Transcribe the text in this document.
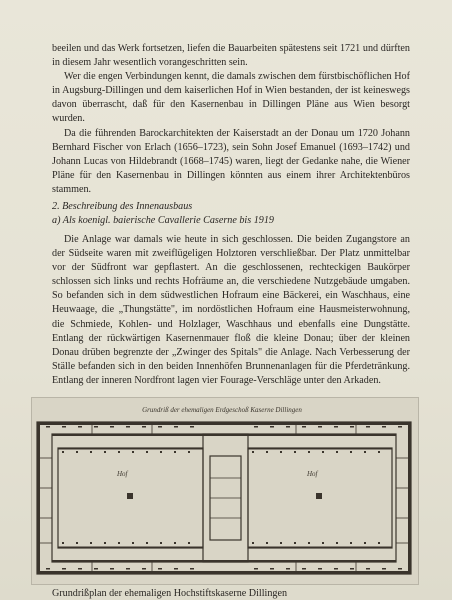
beeilen und das Werk fortsetzen, liefen die Bauarbeiten spätestens seit 1721 und dürften in diesem Jahr wesentlich vorangeschritten sein.

Wer die engen Verbindungen kennt, die damals zwischen dem fürstbischöflichen Hof in Augsburg-Dillingen und dem kaiserlichen Hof in Wien bestanden, der ist keineswegs davon überrascht, daß für den Kasernenbau in Dillingen Pläne aus Wien besorgt wurden.

Da die führenden Barockarchitekten der Kaiserstadt an der Donau um 1720 Johann Bernhard Fischer von Erlach (1656–1723), sein Sohn Josef Emanuel (1693–1742) und Johann Lucas von Hildebrandt (1668–1745) waren, liegt der Gedanke nahe, die Wiener Pläne für den Kasernenbau in Dillingen könnten aus einem ihrer Architektenbüros stammen.

2. Beschreibung des Innenausbaus

a) Als koenigl. baierische Cavallerie Caserne bis 1919

Die Anlage war damals wie heute in sich geschlossen. Die beiden Zugangstore an der Südseite waren mit zweiflügeligen Holztoren verschließbar. Der Platz unmittelbar vor der Südfront war gepflastert. An die geschlossenen, rechteckigen Baukörper schlossen sich links und rechts Hofräume an, die verschiedene Nutzgebäude umgaben. So befanden sich in dem südwestlichen Hofraum eine Bäckerei, ein Waschhaus, eine Heuwaage, die „Thungstätte", im nordöstlichen Hofraum eine Hausmeisterwohnung, die Schmiede, Kohlen- und Holzlager, Waschhaus und ebenfalls eine Dungstätte. Entlang der rückwärtigen Kasernenmauer floß die kleine Donau; über der kleinen Donau drüben begrenzte der „Zwinger des Spitals" die Anlage. Nach Verbesserung der Ställe befanden sich in den beiden Innenhöfen Brunnenanlagen für die Pferdetränkung. Entlang der inneren Nordfront lagen vier Fourage-Verschläge unter den Arkaden.

Grundriß der ehemaligen Erdgeschoß Kaserne Dillingen
Hof	Hof
Grundrißplan der ehemaligen Hochstiftskaserne Dillingen
